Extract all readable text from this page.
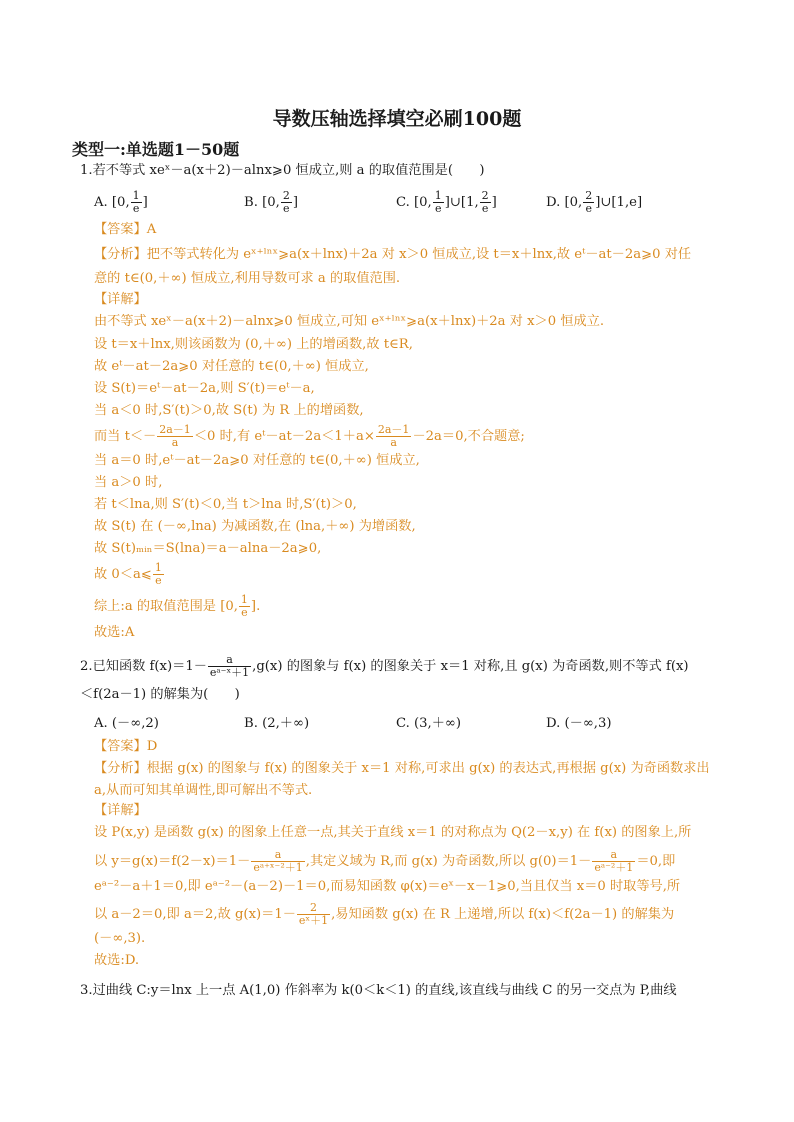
导数压轴选择填空必刷100题
类型一:单选题1－50题
1.若不等式 xeˣ－a(x＋2)－alnx⩾0 恒成立,则 a 的取值范围是(　　)
A. [0, $\frac{1}{e}$ ]	B. [0, $\frac{2}{e}$ ]	C. [0, $\frac{1}{e}$ ]∪[1, $\frac{2}{e}$ ]	D. [0, $\frac{2}{e}$ ]∪[1,e]
【答案】A
【分析】把不等式转化为 eˣ⁺ˡⁿˣ⩾a(x＋lnx)＋2a 对 x＞0 恒成立,设 t＝x＋lnx,故 eᵗ－at－2a⩾0 对任
意的 t∈(0,＋∞) 恒成立,利用导数可求 a 的取值范围.
【详解】
由不等式 xeˣ－a(x＋2)－alnx⩾0 恒成立,可知 eˣ⁺ˡⁿˣ⩾a(x＋lnx)＋2a 对 x＞0 恒成立.
设 t＝x＋lnx,则该函数为 (0,＋∞) 上的增函数,故 t∈R,
故 eᵗ－at－2a⩾0 对任意的 t∈(0,＋∞) 恒成立,
设 S(t)＝eᵗ－at－2a,则 S′(t)＝eᵗ－a,
当 a＜0 时,S′(t)＞0,故 S(t) 为 R 上的增函数,
而当 $t<- \frac{2a-1}{a} <0$ 时,有 eᵗ－at－2a＜1＋a× $\frac{2a-1}{a} -2a=0$,不合题意;
当 a＝0 时,eᵗ－at－2a⩾0 对任意的 t∈(0,＋∞) 恒成立,
当 a＞0 时,
若 t＜lna,则 S′(t)＜0,当 t＞lna 时,S′(t)＞0,
故 S(t) 在 (－∞,lna) 为减函数,在 (lna,＋∞) 为增函数,
故 S(t)ₘᵢₙ＝S(lna)＝a－alna－2a⩾0,
故 0＜a⩽ $\frac{1}{e}$
综上:a 的取值范围是 [0, $\frac{1}{e}$ ].
故选:A
2.已知函数 $f(x)=1- \frac{a}{\text{eᵃ⁻ˣ＋1}} ,g(x)$ 的图象与 f(x) 的图象关于 x＝1 对称,且 g(x) 为奇函数,则不等式 f(x)
＜f(2a－1) 的解集为(　　)
A. (－∞,2)	B. (2,＋∞)	C. (3,＋∞)	D. (－∞,3)
【答案】D
【分析】根据 g(x) 的图象与 f(x) 的图象关于 x＝1 对称,可求出 g(x) 的表达式,再根据 g(x) 为奇函数求出
a,从而可知其单调性,即可解出不等式.
【详解】
设 P(x,y) 是函数 g(x) 的图象上任意一点,其关于直线 x＝1 的对称点为 Q(2－x,y) 在 f(x) 的图象上,所
以 $y=g(x)=f(2-x)=1- \frac{a}{\text{eᵃ⁺ˣ⁻²＋1}}$ ,其定义域为 R,而 g(x) 为奇函数,所以 $g(0)=1- \frac{a}{\text{eᵃ⁻²＋1}} =0$,即
eᵃ⁻²－a＋1＝0,即 eᵃ⁻²－(a－2)－1＝0,而易知函数 φ(x)＝eˣ－x－1⩾0,当且仅当 x＝0 时取等号,所
以 a－2＝0,即 a＝2,故 $g(x)=1- \frac{2}{\text{eˣ＋1}}$ ,易知函数 g(x) 在 R 上递增,所以 f(x)＜f(2a－1) 的解集为
(－∞,3).
故选:D.
3.过曲线 C:y＝lnx 上一点 A(1,0) 作斜率为 k(0＜k＜1) 的直线,该直线与曲线 C 的另一交点为 P,曲线
